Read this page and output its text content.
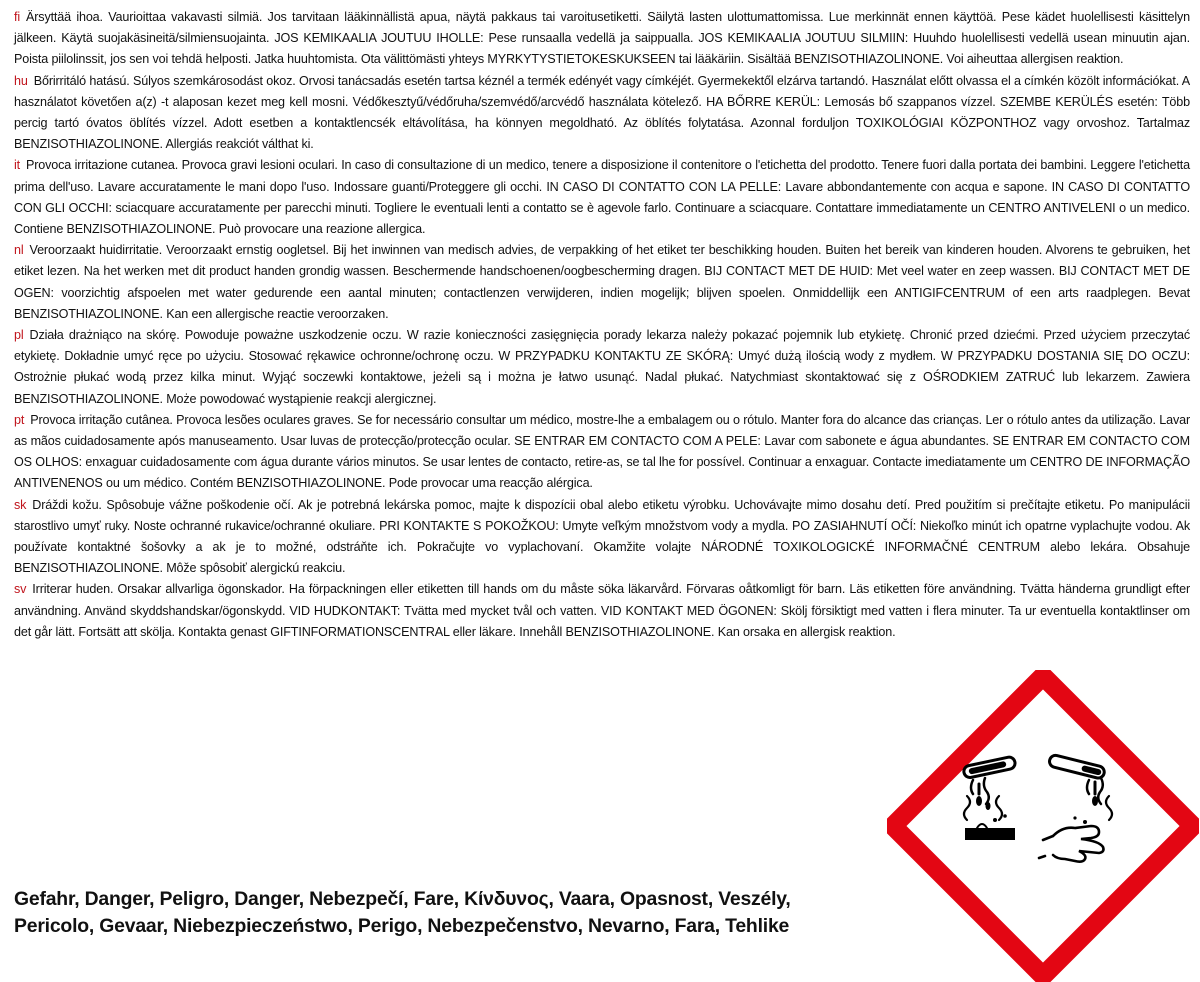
fi Ärsyttää ihoa. Vaurioittaa vakavasti silmiä. Jos tarvitaan lääkinnällistä apua, näytä pakkaus tai varoitusetiketti. Säilytä lasten ulottumattomissa. Lue merkinnät ennen käyttöä. Pese kädet huolellisesti käsittelyn jälkeen. Käytä suojakäsineitä/silmiensuojainta. JOS KEMIKAALIA JOUTUU IHOLLE: Pese runsaalla vedellä ja saippualla. JOS KEMIKAALIA JOUTUU SILMIIN: Huuhdo huolellisesti vedellä usean minuutin ajan. Poista piilolinssit, jos sen voi tehdä helposti. Jatka huuhtomista. Ota välittömästi yhteys MYRKYTYSTIETOKESKUKSEEN tai lääkäriin. Sisältää BENZISOTHIAZOLINONE. Voi aiheuttaa allergisen reaktion.

hu Bőrirritáló hatású. Súlyos szemkárosodást okoz. Orvosi tanácsadás esetén tartsa kéznél a termék edényét vagy címkéjét. Gyermekektől elzárva tartandó. Használat előtt olvassa el a címkén közölt információkat. A használatot követően a(z) -t alaposan kezet meg kell mosni. Védőkesztyű/védőruha/szemvédő/arcvédő használata kötelező. HA BŐRRE KERÜL: Lemosás bő szappanos vízzel. SZEMBE KERÜLÉS esetén: Több percig tartó óvatos öblítés vízzel. Adott esetben a kontaktlencsék eltávolítása, ha könnyen megoldható. Az öblítés folytatása. Azonnal forduljon TOXIKOLÓGIAI KÖZPONTHOZ vagy orvoshoz. Tartalmaz BENZISOTHIAZOLINONE. Allergiás reakciót válthat ki.

it Provoca irritazione cutanea. Provoca gravi lesioni oculari. In caso di consultazione di un medico, tenere a disposizione il contenitore o l'etichetta del prodotto. Tenere fuori dalla portata dei bambini. Leggere l'etichetta prima dell'uso. Lavare accuratamente le mani dopo l'uso. Indossare guanti/Proteggere gli occhi. IN CASO DI CONTATTO CON LA PELLE: Lavare abbondantemente con acqua e sapone. IN CASO DI CONTATTO CON GLI OCCHI: sciacquare accuratamente per parecchi minuti. Togliere le eventuali lenti a contatto se è agevole farlo. Continuare a sciacquare. Contattare immediatamente un CENTRO ANTIVELENI o un medico. Contiene BENZISOTHIAZOLINONE. Può provocare una reazione allergica.

nl Veroorzaakt huidirritatie. Veroorzaakt ernstig oogletsel. Bij het inwinnen van medisch advies, de verpakking of het etiket ter beschikking houden. Buiten het bereik van kinderen houden. Alvorens te gebruiken, het etiket lezen. Na het werken met dit product handen grondig wassen. Beschermende handschoenen/oogbescherming dragen. BIJ CONTACT MET DE HUID: Met veel water en zeep wassen. BIJ CONTACT MET DE OGEN: voorzichtig afspoelen met water gedurende een aantal minuten; contactlenzen verwijderen, indien mogelijk; blijven spoelen. Onmiddellijk een ANTIGIFCENTRUM of een arts raadplegen. Bevat BENZISOTHIAZOLINONE. Kan een allergische reactie veroorzaken.

pl Działa drażniąco na skórę. Powoduje poważne uszkodzenie oczu. W razie konieczności zasięgnięcia porady lekarza należy pokazać pojemnik lub etykietę. Chronić przed dziećmi. Przed użyciem przeczytać etykietę. Dokładnie umyć ręce po użyciu. Stosować rękawice ochronne/ochronę oczu. W PRZYPADKU KONTAKTU ZE SKÓRĄ: Umyć dużą ilością wody z mydłem. W PRZYPADKU DOSTANIA SIĘ DO OCZU: Ostrożnie płukać wodą przez kilka minut. Wyjąć soczewki kontaktowe, jeżeli są i można je łatwo usunąć. Nadal płukać. Natychmiast skontaktować się z OŚRODKIEM ZATRUĆ lub lekarzem. Zawiera BENZISOTHIAZOLINONE. Może powodować wystąpienie reakcji alergicznej.

pt Provoca irritação cutânea. Provoca lesões oculares graves. Se for necessário consultar um médico, mostre-lhe a embalagem ou o rótulo. Manter fora do alcance das crianças. Ler o rótulo antes da utilização. Lavar as mãos cuidadosamente após manuseamento. Usar luvas de protecção/protecção ocular. SE ENTRAR EM CONTACTO COM A PELE: Lavar com sabonete e água abundantes. SE ENTRAR EM CONTACTO COM OS OLHOS: enxaguar cuidadosamente com água durante vários minutos. Se usar lentes de contacto, retire-as, se tal lhe for possível. Continuar a enxaguar. Contacte imediatamente um CENTRO DE INFORMAÇÃO ANTIVENENOS ou um médico. Contém BENZISOTHIAZOLINONE. Pode provocar uma reacção alérgica.

sk Dráždi kožu. Spôsobuje vážne poškodenie očí. Ak je potrebná lekárska pomoc, majte k dispozícii obal alebo etiketu výrobku. Uchovávajte mimo dosahu detí. Pred použitím si prečítajte etiketu. Po manipulácii starostlivo umyť ruky. Noste ochranné rukavice/ochranné okuliare. PRI KONTAKTE S POKOŽKOU: Umyte veľkým množstvom vody a mydla. PO ZASIAHNUTÍ OČÍ: Niekoľko minút ich opatrne vyplachujte vodou. Ak používate kontaktné šošovky a ak je to možné, odstráňte ich. Pokračujte vo vyplachovaní. Okamžite volajte NÁRODNÉ TOXIKOLOGICKÉ INFORMAČNÉ CENTRUM alebo lekára. Obsahuje BENZISOTHIAZOLINONE. Môže spôsobiť alergickú reakciu.

sv Irriterar huden. Orsakar allvarliga ögonskador. Ha förpackningen eller etiketten till hands om du måste söka läkarvård. Förvaras oåtkomligt för barn. Läs etiketten före användning. Tvätta händerna grundligt efter användning. Använd skyddshandskar/ögonskydd. VID HUDKONTAKT: Tvätta med mycket tvål och vatten. VID KONTAKT MED ÖGONEN: Skölj försiktigt med vatten i flera minuter. Ta ur eventuella kontaktlinser om det går lätt. Fortsätt att skölja. Kontakta genast GIFTINFORMATIONSCENTRAL eller läkare. Innehåll BENZISOTHIAZOLINONE. Kan orsaka en allergisk reaktion.

Gefahr, Danger, Peligro, Danger, Nebezpečí, Fare, Κίνδυνος, Vaara, Opasnost, Veszély,
Pericolo, Gevaar, Niebezpieczeństwo, Perigo, Nebezpečenstvo, Nevarno, Fara, Tehlike
